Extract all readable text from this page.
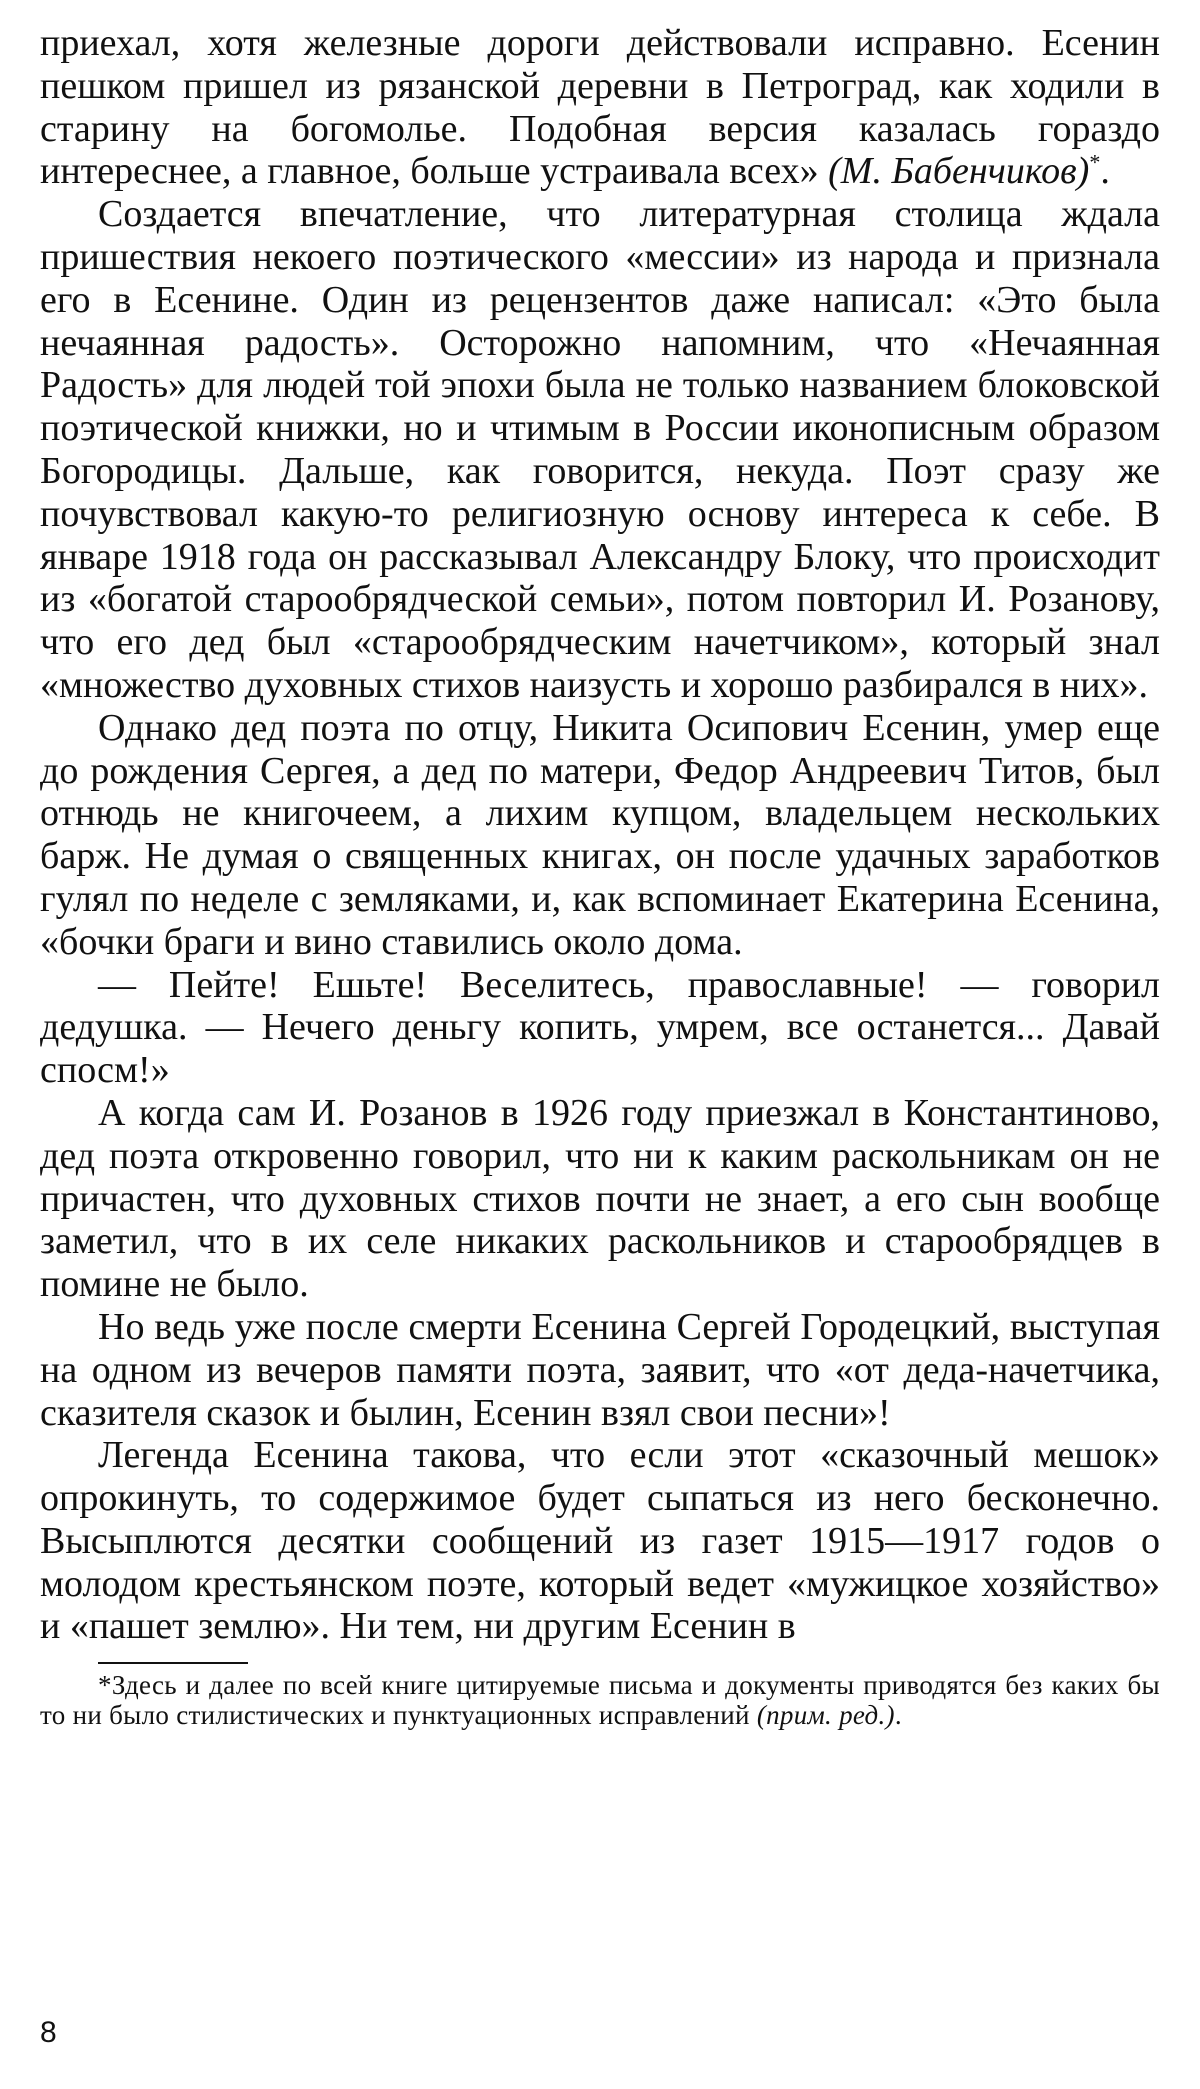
приехал, хотя железные дороги действовали исправно. Есенин пешком пришел из рязанской деревни в Петроград, как ходили в старину на богомолье. Подобная версия казалась гораздо интереснее, а главное, больше устраивала всех» (М. Бабенчиков)*.

Создается впечатление, что литературная столица ждала пришествия некоего поэтического «мессии» из народа и признала его в Есенине. Один из рецензентов даже написал: «Это была нечаянная радость». Осторожно напомним, что «Нечаянная Радость» для людей той эпохи была не только названием блоковской поэтической книжки, но и чтимым в России иконописным образом Богородицы. Дальше, как говорится, некуда. Поэт сразу же почувствовал какую-то религиозную основу интереса к себе. В январе 1918 года он рассказывал Александру Блоку, что происходит из «богатой старообрядческой семьи», потом повторил И. Розанову, что его дед был «старообрядческим начетчиком», который знал «множество духовных стихов наизусть и хорошо разбирался в них».

Однако дед поэта по отцу, Никита Осипович Есенин, умер еще до рождения Сергея, а дед по матери, Федор Андреевич Титов, был отнюдь не книгочеем, а лихим купцом, владельцем нескольких барж. Не думая о священных книгах, он после удачных заработков гулял по неделе с земляками, и, как вспоминает Екатерина Есенина, «бочки браги и вино ставились около дома.

— Пейте! Ешьте! Веселитесь, православные! — говорил дедушка. — Нечего деньгу копить, умрем, все останется... Давай спосм!»

А когда сам И. Розанов в 1926 году приезжал в Константиново, дед поэта откровенно говорил, что ни к каким раскольникам он не причастен, что духовных стихов почти не знает, а его сын вообще заметил, что в их селе никаких раскольников и старообрядцев в помине не было.

Но ведь уже после смерти Есенина Сергей Городецкий, выступая на одном из вечеров памяти поэта, заявит, что «от деда-начетчика, сказителя сказок и былин, Есенин взял свои песни»!

Легенда Есенина такова, что если этот «сказочный мешок» опрокинуть, то содержимое будет сыпаться из него бесконечно. Высыплются десятки сообщений из газет 1915—1917 годов о молодом крестьянском поэте, который ведет «мужицкое хозяйство» и «пашет землю». Ни тем, ни другим Есенин в

*Здесь и далее по всей книге цитируемые письма и документы приводятся без каких бы то ни было стилистических и пунктуационных исправлений (прим. ред.).

8
